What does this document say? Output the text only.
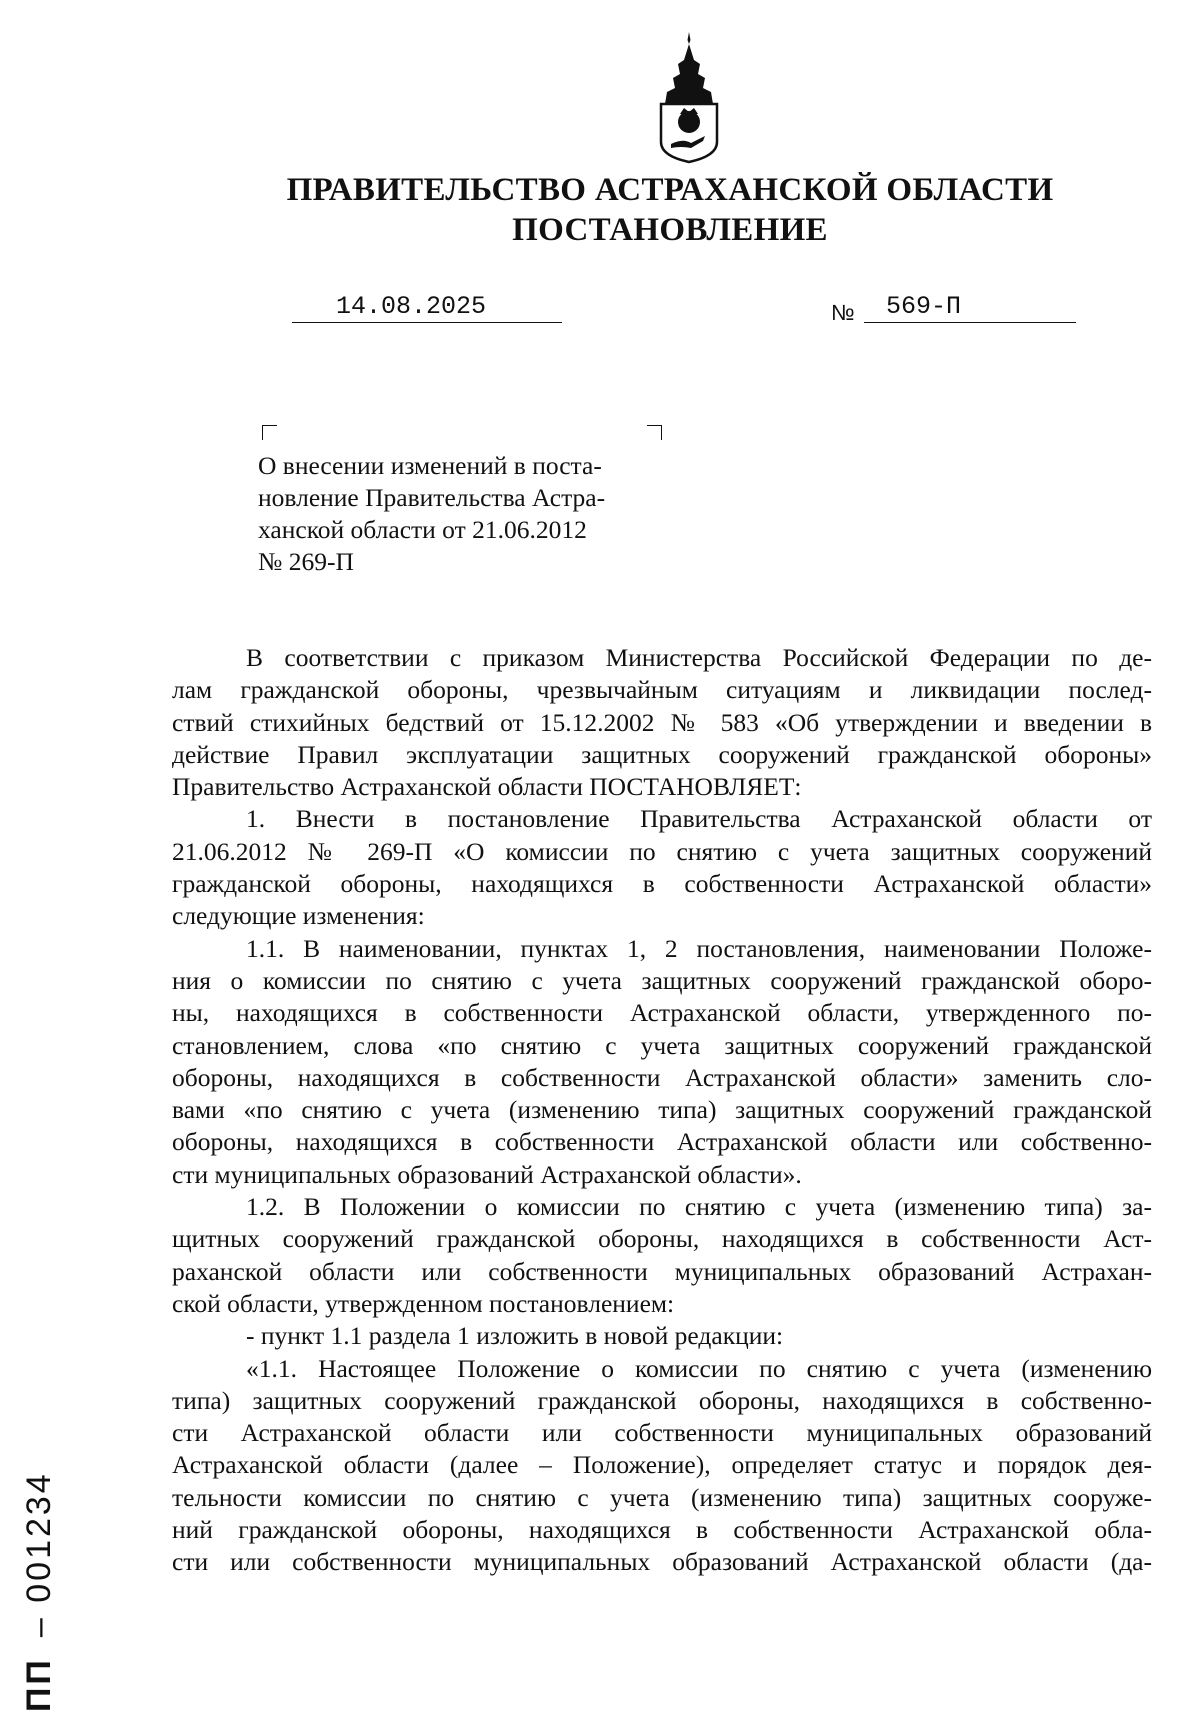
ПРАВИТЕЛЬСТВО АСТРАХАНСКОЙ ОБЛАСТИ
ПОСТАНОВЛЕНИЕ
14.08.2025	№ 569-П
О внесении изменений в поста-
новление Правительства Астра-
ханской области от 21.06.2012
№ 269-П
В соответствии с приказом Министерства Российской Федерации по де-
лам гражданской обороны, чрезвычайным ситуациям и ликвидации послед-
ствий стихийных бедствий от 15.12.2002 № 583 «Об утверждении и введении в
действие Правил эксплуатации защитных сооружений гражданской обороны»
Правительство Астраханской области ПОСТАНОВЛЯЕТ:
1. Внести в постановление Правительства Астраханской области от
21.06.2012 № 269-П «О комиссии по снятию с учета защитных сооружений
гражданской обороны, находящихся в собственности Астраханской области»
следующие изменения:
1.1. В наименовании, пунктах 1, 2 постановления, наименовании Положе-
ния о комиссии по снятию с учета защитных сооружений гражданской оборо-
ны, находящихся в собственности Астраханской области, утвержденного по-
становлением, слова «по снятию с учета защитных сооружений гражданской
обороны, находящихся в собственности Астраханской области» заменить сло-
вами «по снятию с учета (изменению типа) защитных сооружений гражданской
обороны, находящихся в собственности Астраханской области или собственно-
сти муниципальных образований Астраханской области».
1.2. В Положении о комиссии по снятию с учета (изменению типа) за-
щитных сооружений гражданской обороны, находящихся в собственности Аст-
раханской области или собственности муниципальных образований Астрахан-
ской области, утвержденном постановлением:
- пункт 1.1 раздела 1 изложить в новой редакции:
«1.1. Настоящее Положение о комиссии по снятию с учета (изменению
типа) защитных сооружений гражданской обороны, находящихся в собственно-
сти Астраханской области или собственности муниципальных образований
Астраханской области (далее – Положение), определяет статус и порядок дея-
тельности комиссии по снятию с учета (изменению типа) защитных сооруже-
ний гражданской обороны, находящихся в собственности Астраханской обла-
сти или собственности муниципальных образований Астраханской области (да-
ПП– 001234
